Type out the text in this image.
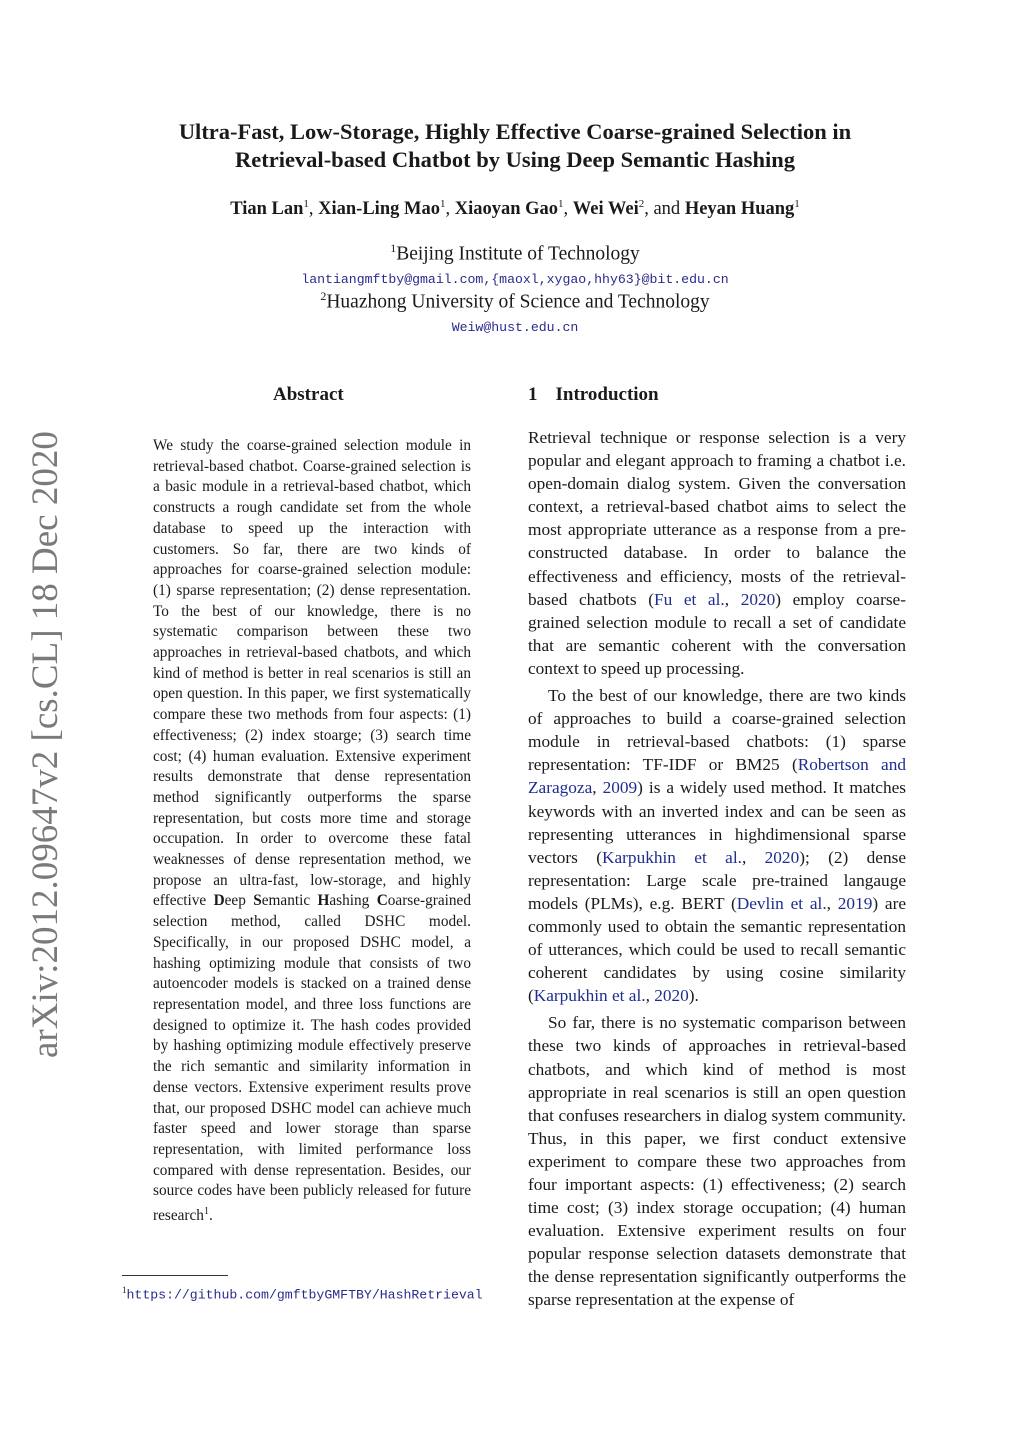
Ultra-Fast, Low-Storage, Highly Effective Coarse-grained Selection in
Retrieval-based Chatbot by Using Deep Semantic Hashing
Tian Lan$^1$, Xian-Ling Mao$^1$, Xiaoyan Gao$^1$, Wei Wei$^2$, and Heyan Huang$^1$
$^1$Beijing Institute of Technology
lantiangmftby@gmail.com,{maoxl,xygao,hhy63}@bit.edu.cn
$^2$Huazhong University of Science and Technology
Weiw@hust.edu.cn
arXiv:2012.09647v2 [cs.CL] 18 Dec 2020
Abstract

We study the coarse-grained selection module in retrieval-based chatbot. Coarse-grained selection is a basic module in a retrieval-based chatbot, which constructs a rough candidate set from the whole database to speed up the interaction with customers. So far, there are two kinds of approaches for coarse-grained selection module: (1) sparse representation; (2) dense representation. To the best of our knowledge, there is no systematic comparison between these two approaches in retrieval-based chatbots, and which kind of method is better in real scenarios is still an open question. In this paper, we first systematically compare these two methods from four aspects: (1) effectiveness; (2) index stoarge; (3) search time cost; (4) human evaluation. Extensive experiment results demonstrate that dense representation method significantly outperforms the sparse representation, but costs more time and storage occupation. In order to overcome these fatal weaknesses of dense representation method, we propose an ultra-fast, low-storage, and highly effective Deep Semantic Hashing Coarse-grained selection method, called DSHC model. Specifically, in our proposed DSHC model, a hashing optimizing module that consists of two autoencoder models is stacked on a trained dense representation model, and three loss functions are designed to optimize it. The hash codes provided by hashing optimizing module effectively preserve the rich semantic and similarity information in dense vectors. Extensive experiment results prove that, our proposed DSHC model can achieve much faster speed and lower storage than sparse representation, with limited performance loss compared with dense representation. Besides, our source codes have been publicly released for future research$^1$.

1 Introduction

Retrieval technique or response selection is a very popular and elegant approach to framing a chatbot i.e. open-domain dialog system. Given the conversation context, a retrieval-based chatbot aims to select the most appropriate utterance as a response from a pre-constructed database. In order to balance the effectiveness and efficiency, mosts of the retrieval-based chatbots (Fu et al., 2020) employ coarse-grained selection module to recall a set of candidate that are semantic coherent with the conversation context to speed up processing.

To the best of our knowledge, there are two kinds of approaches to build a coarse-grained selection module in retrieval-based chatbots: (1) sparse representation: TF-IDF or BM25 (Robertson and Zaragoza, 2009) is a widely used method. It matches keywords with an inverted index and can be seen as representing utterances in highdimensional sparse vectors (Karpukhin et al., 2020); (2) dense representation: Large scale pre-trained langauge models (PLMs), e.g. BERT (Devlin et al., 2019) are commonly used to obtain the semantic representation of utterances, which could be used to recall semantic coherent candidates by using cosine similarity (Karpukhin et al., 2020).

So far, there is no systematic comparison between these two kinds of approaches in retrieval-based chatbots, and which kind of method is most appropriate in real scenarios is still an open question that confuses researchers in dialog system community. Thus, in this paper, we first conduct extensive experiment to compare these two approaches from four important aspects: (1) effectiveness; (2) search time cost; (3) index storage occupation; (4) human evaluation. Extensive experiment results on four popular response selection datasets demonstrate that the dense representation significantly outperforms the sparse representation at the expense of

$^1$https://github.com/gmftbyGMFTBY/HashRetrieval
